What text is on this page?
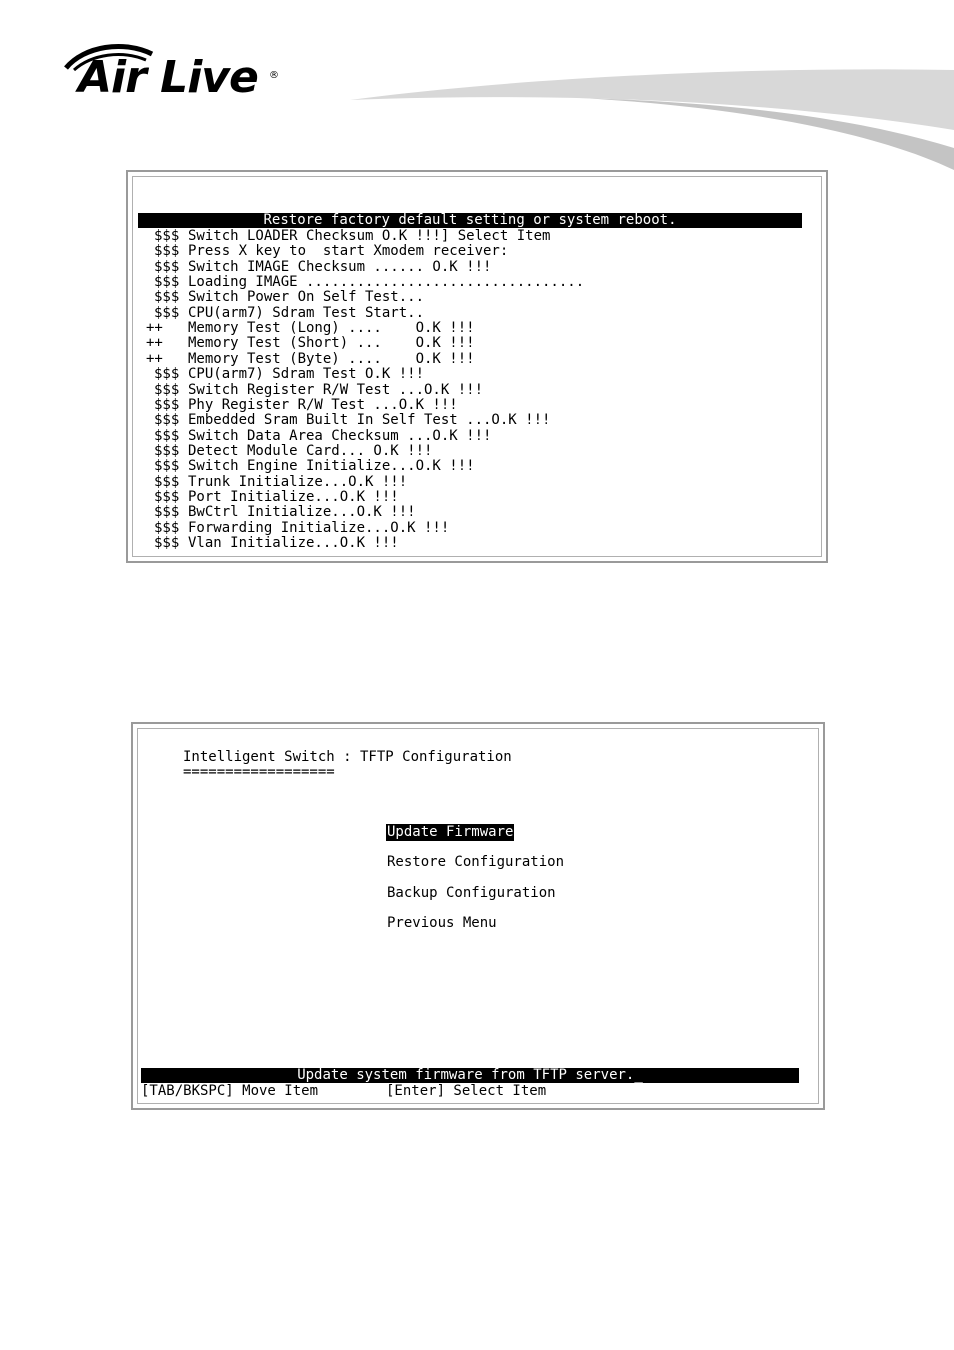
Air Live ®
Restore factory default setting or system reboot.
$$$ Switch LOADER Checksum O.K !!!] Select Item
$$$ Press X key to  start Xmodem receiver:
$$$ Switch IMAGE Checksum ...... O.K !!!
$$$ Loading IMAGE .................................
$$$ Switch Power On Self Test...
$$$ CPU(arm7) Sdram Test Start..
++ Memory Test (Long) ....    O.K !!!
++ Memory Test (Short) ...    O.K !!!
++ Memory Test (Byte) ....    O.K !!!
$$$ CPU(arm7) Sdram Test O.K !!!
$$$ Switch Register R/W Test ...O.K !!!
$$$ Phy Register R/W Test ...O.K !!!
$$$ Embedded Sram Built In Self Test ...O.K !!!
$$$ Switch Data Area Checksum ...O.K !!!
$$$ Detect Module Card... O.K !!!
$$$ Switch Engine Initialize...O.K !!!
$$$ Trunk Initialize...O.K !!!
$$$ Port Initialize...O.K !!!
$$$ BwCtrl Initialize...O.K !!!
$$$ Forwarding Initialize...O.K !!!
$$$ Vlan Initialize...O.K !!!
Intelligent Switch : TFTP Configuration
==================
Update Firmware
Restore Configuration
Backup Configuration
Previous Menu
Update system firmware from TFTP server._
[TAB/BKSPC] Move Item	[Enter] Select Item
